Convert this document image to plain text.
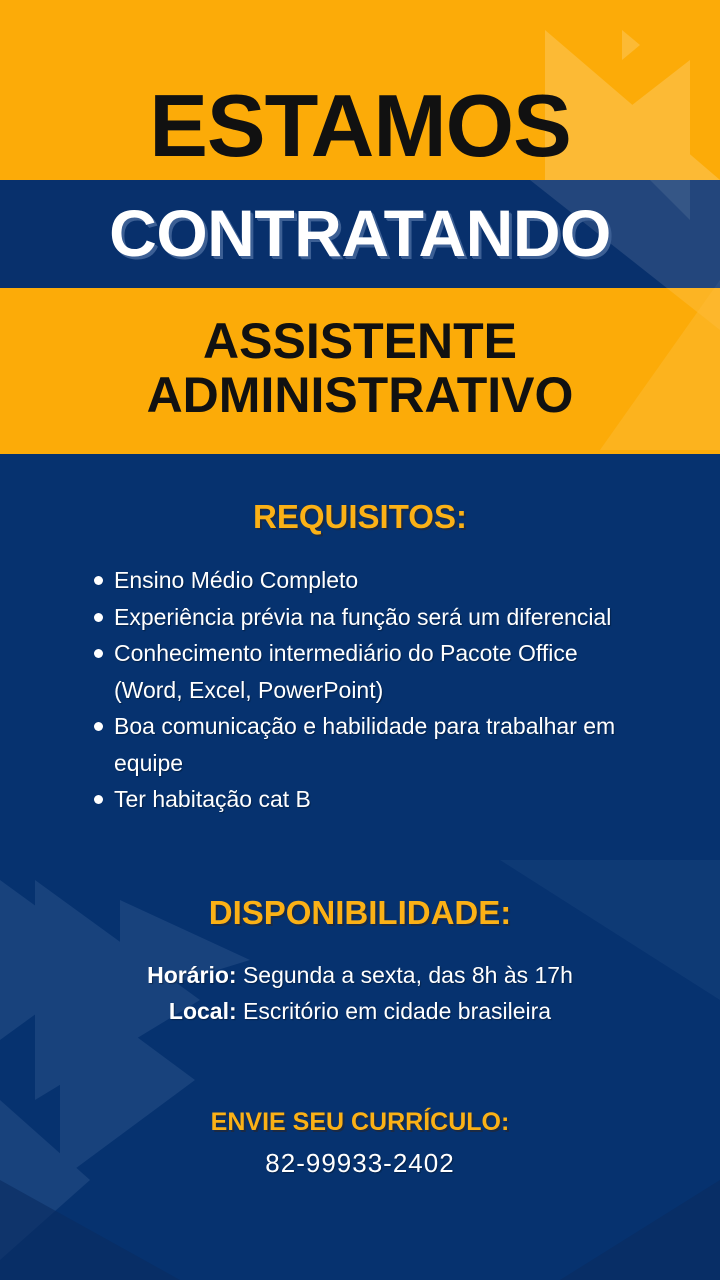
ESTAMOS
CONTRATANDO
ASSISTENTE
ADMINISTRATIVO
REQUISITOS:
Ensino Médio Completo
Experiência prévia na função será um diferencial
Conhecimento intermediário do Pacote Office (Word, Excel, PowerPoint)
Boa comunicação e habilidade para trabalhar em equipe
Ter habitação cat B
DISPONIBILIDADE:
Horário: Segunda a sexta, das 8h às 17h
Local: Escritório em cidade brasileira
ENVIE SEU CURRÍCULO:
82-99933-2402
